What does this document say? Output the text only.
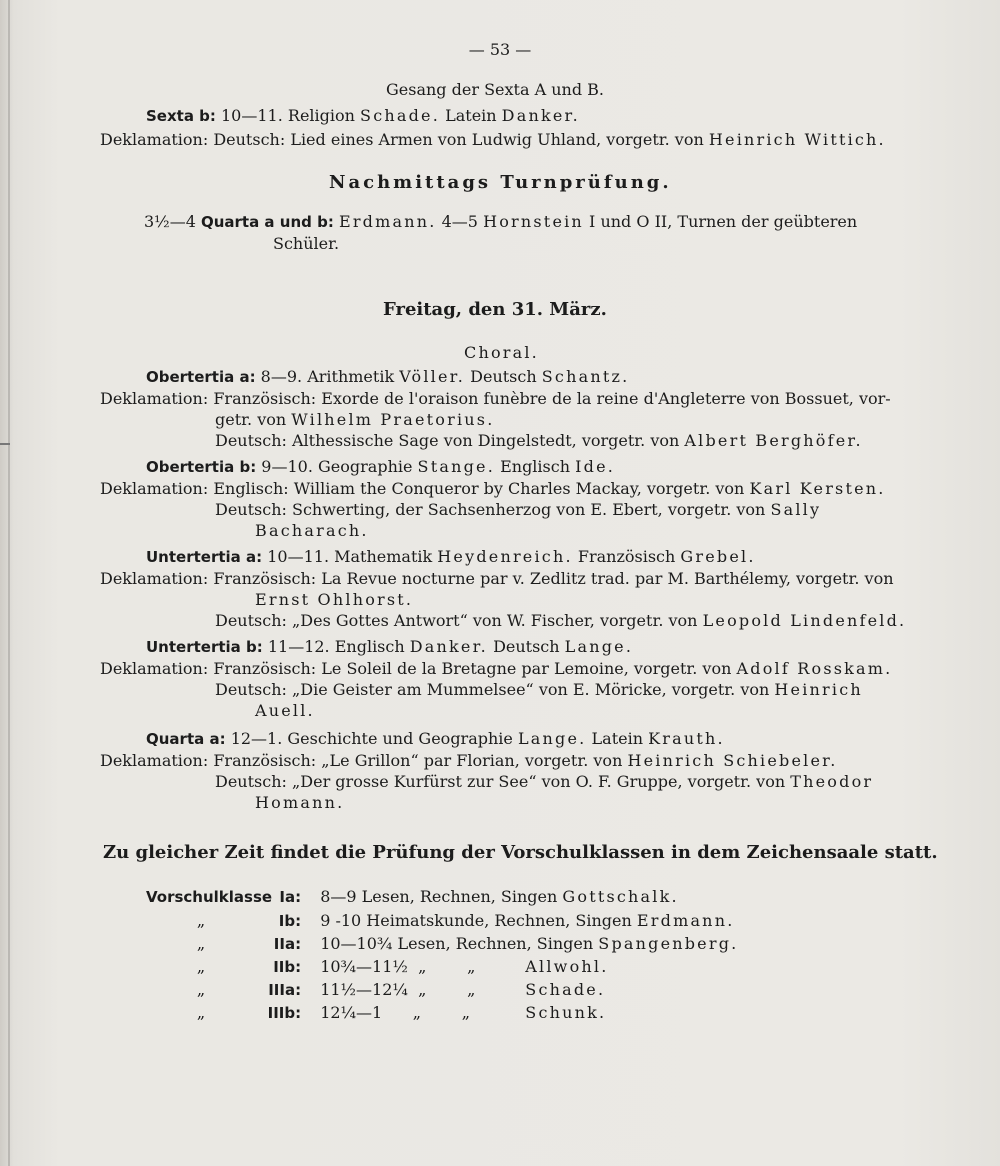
— 53 —
Gesang der Sexta A und B.
Sexta b: 10—11. Religion Schade. Latein Danker.
Deklamation: Deutsch: Lied eines Armen von Ludwig Uhland, vorgetr. von Heinrich Wittich.
Nachmittags Turnprüfung.
3½—4 Quarta a und b: Erdmann. 4—5 Hornstein I und O II, Turnen der geübteren
Schüler.
Freitag, den 31. März.
Choral.
Obertertia a: 8—9. Arithmetik Völler. Deutsch Schantz.
Deklamation: Französisch: Exorde de l'oraison funèbre de la reine d'Angleterre von Bossuet, vor-
getr. von Wilhelm Praetorius.
Deutsch: Althessische Sage von Dingelstedt, vorgetr. von Albert Berghöfer.
Obertertia b: 9—10. Geographie Stange. Englisch Ide.
Deklamation: Englisch: William the Conqueror by Charles Mackay, vorgetr. von Karl Kersten.
Deutsch: Schwerting, der Sachsenherzog von E. Ebert, vorgetr. von Sally
Bacharach.
Untertertia a: 10—11. Mathematik Heydenreich. Französisch Grebel.
Deklamation: Französisch: La Revue nocturne par v. Zedlitz trad. par M. Barthélemy, vorgetr. von
Ernst Ohlhorst.
Deutsch: „Des Gottes Antwort“ von W. Fischer, vorgetr. von Leopold Lindenfeld.
Untertertia b: 11—12. Englisch Danker. Deutsch Lange.
Deklamation: Französisch: Le Soleil de la Bretagne par Lemoine, vorgetr. von Adolf Rosskam.
Deutsch: „Die Geister am Mummelsee“ von E. Möricke, vorgetr. von Heinrich
Auell.
Quarta a: 12—1. Geschichte und Geographie Lange. Latein Krauth.
Deklamation: Französisch: „Le Grillon“ par Florian, vorgetr. von Heinrich Schiebeler.
Deutsch: „Der grosse Kurfürst zur See“ von O. F. Gruppe, vorgetr. von Theodor
Homann.
Zu gleicher Zeit findet die Prüfung der Vorschulklassen in dem Zeichensaale statt.
Vorschulklasse Ia: 8—9 Lesen, Rechnen, Singen Gottschalk.
„	Ib: 9 -10 Heimatskunde, Rechnen, Singen Erdmann.
„	IIa: 10—10¾ Lesen, Rechnen, Singen Spangenberg.
„	IIb: 10¾—11½  „        „	Allwohl.
„	IIIa: 11½—12¼  „        „	Schade.
„	IIIb: 12¼—1      „        „	Schunk.
